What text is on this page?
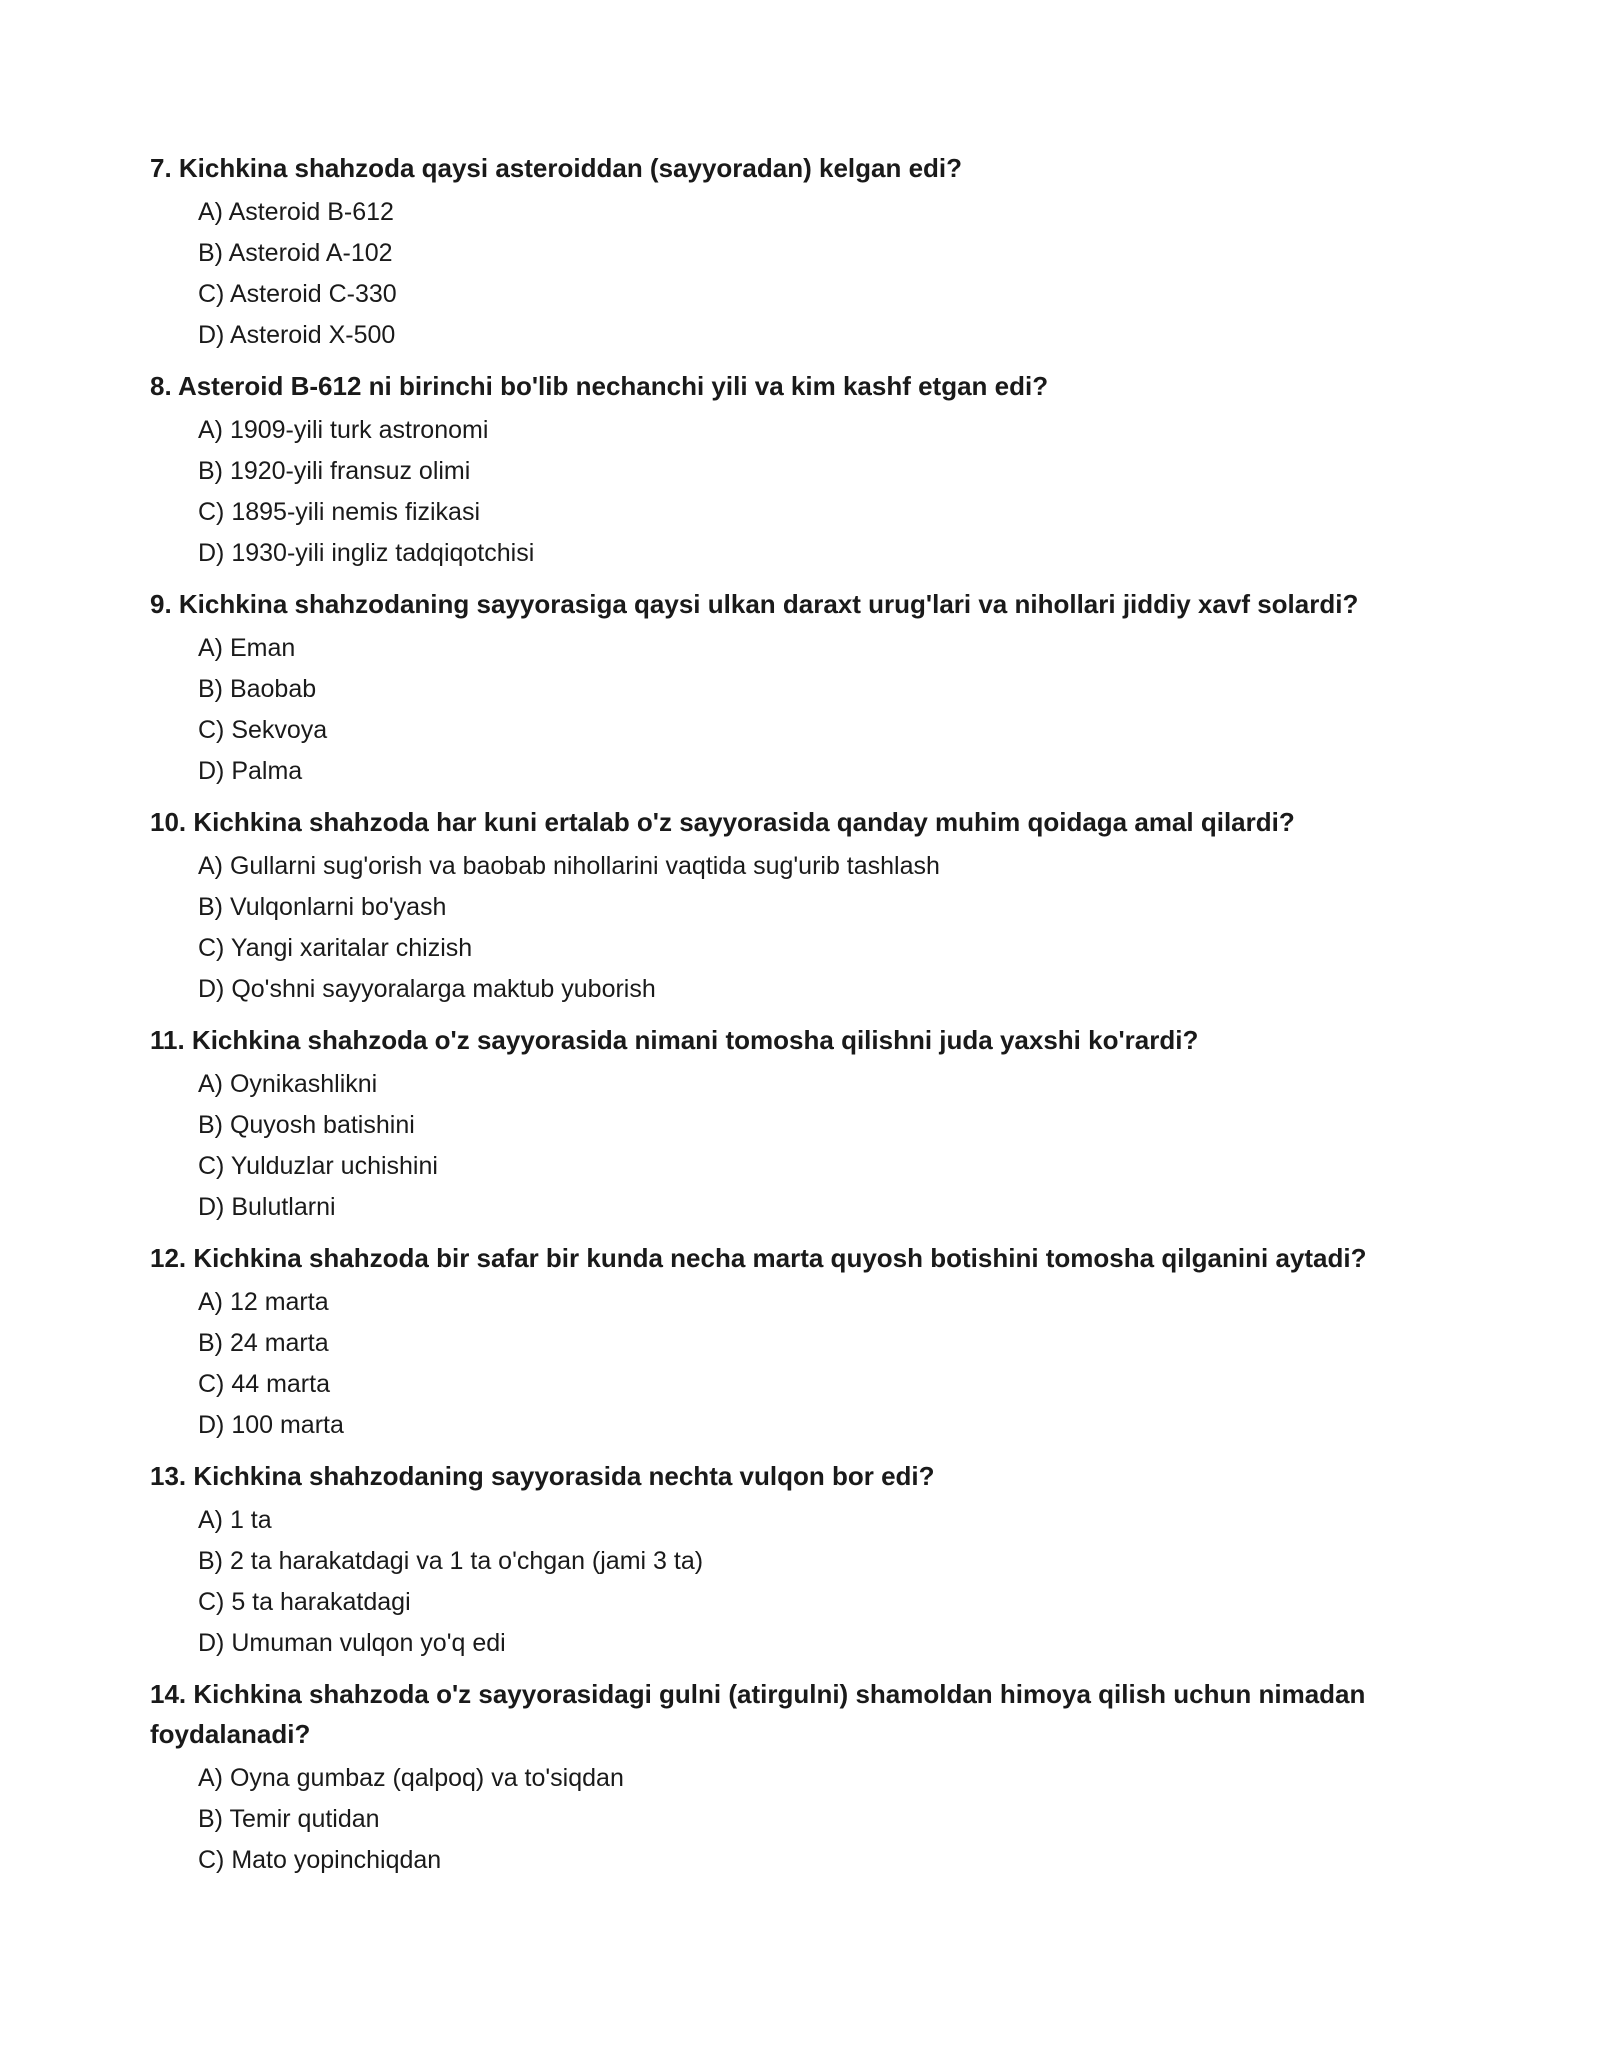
7. Kichkina shahzoda qaysi asteroiddan (sayyoradan) kelgan edi?

A) Asteroid B-612
B) Asteroid A-102
C) Asteroid C-330
D) Asteroid X-500

8. Asteroid B-612 ni birinchi bo'lib nechanchi yili va kim kashf etgan edi?

A) 1909-yili turk astronomi
B) 1920-yili fransuz olimi
C) 1895-yili nemis fizikasi
D) 1930-yili ingliz tadqiqotchisi

9. Kichkina shahzodaning sayyorasiga qaysi ulkan daraxt urug'lari va nihollari jiddiy xavf solardi?

A) Eman
B) Baobab
C) Sekvoya
D) Palma

10. Kichkina shahzoda har kuni ertalab o'z sayyorasida qanday muhim qoidaga amal qilardi?

A) Gullarni sug'orish va baobab nihollarini vaqtida sug'urib tashlash
B) Vulqonlarni bo'yash
C) Yangi xaritalar chizish
D) Qo'shni sayyoralarga maktub yuborish

11. Kichkina shahzoda o'z sayyorasida nimani tomosha qilishni juda yaxshi ko'rardi?

A) Oynikashlikni
B) Quyosh batishini
C) Yulduzlar uchishini
D) Bulutlarni

12. Kichkina shahzoda bir safar bir kunda necha marta quyosh botishini tomosha qilganini aytadi?

A) 12 marta
B) 24 marta
C) 44 marta
D) 100 marta

13. Kichkina shahzodaning sayyorasida nechta vulqon bor edi?

A) 1 ta
B) 2 ta harakatdagi va 1 ta o'chgan (jami 3 ta)
C) 5 ta harakatdagi
D) Umuman vulqon yo'q edi

14. Kichkina shahzoda o'z sayyorasidagi gulni (atirgulni) shamoldan himoya qilish uchun nimadan foydalanadi?

A) Oyna gumbaz (qalpoq) va to'siqdan
B) Temir qutidan
C) Mato yopinchiqdan
